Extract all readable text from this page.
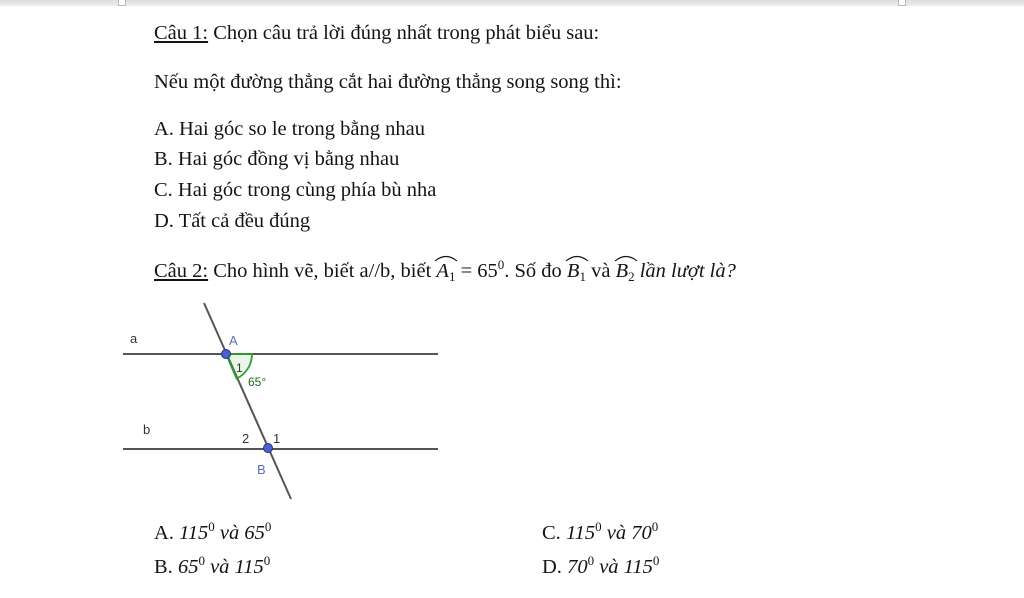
Câu 1: Chọn câu trả lời đúng nhất trong phát biểu sau:
Nếu một đường thẳng cắt hai đường thẳng song song thì:
A. Hai góc so le trong bằng nhau
B. Hai góc đồng vị bằng nhau
C. Hai góc trong cùng phía bù nha
D. Tất cả đều đúng
Câu 2: Cho hình vẽ, biết a//b, biết $A_1 = 65^0$. Số đo $B_1$ và $B_2$ lần lượt là?
a	A
1
65°
b
2 1
B
A. $115^0$ và $65^0$
B. $65^0$ và $115^0$
C. $115^0$ và $70^0$
D. $70^0$ và $115^0$
